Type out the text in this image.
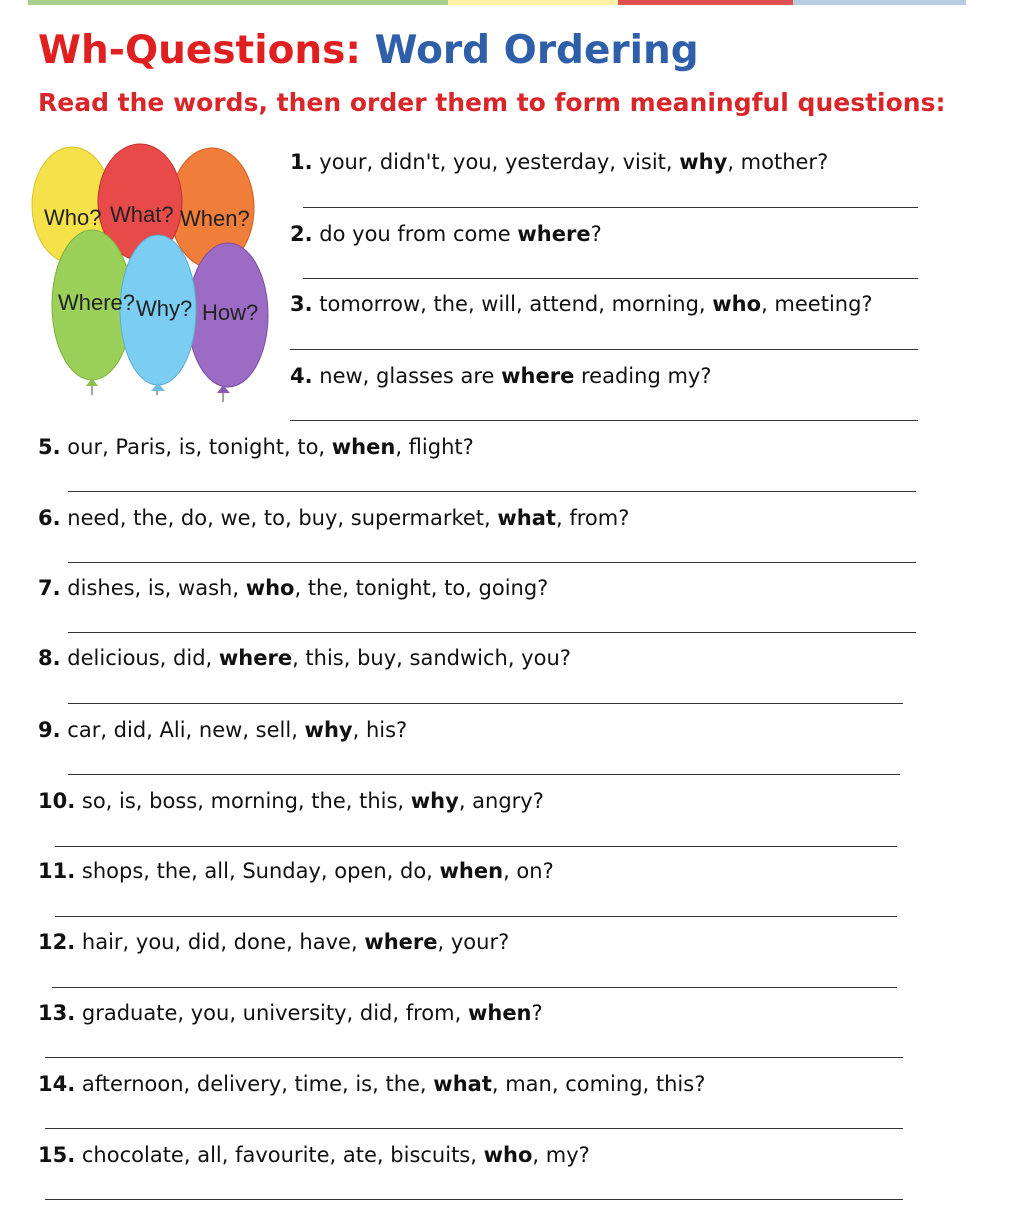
Wh-Questions: Word Ordering
Read the words, then order them to form meaningful questions:
Who? What? When?
Where? Why? How?
1. your, didn't, you, yesterday, visit, why, mother?
2. do you from come where?
3. tomorrow, the, will, attend, morning, who, meeting?
4. new, glasses are where reading my?
5. our, Paris, is, tonight, to, when, flight?
6. need, the, do, we, to, buy, supermarket, what, from?
7. dishes, is, wash, who, the, tonight, to, going?
8. delicious, did, where, this, buy, sandwich, you?
9. car, did, Ali, new, sell, why, his?
10. so, is, boss, morning, the, this, why, angry?
11. shops, the, all, Sunday, open, do, when, on?
12. hair, you, did, done, have, where, your?
13. graduate, you, university, did, from, when?
14. afternoon, delivery, time, is, the, what, man, coming, this?
15. chocolate, all, favourite, ate, biscuits, who, my?
